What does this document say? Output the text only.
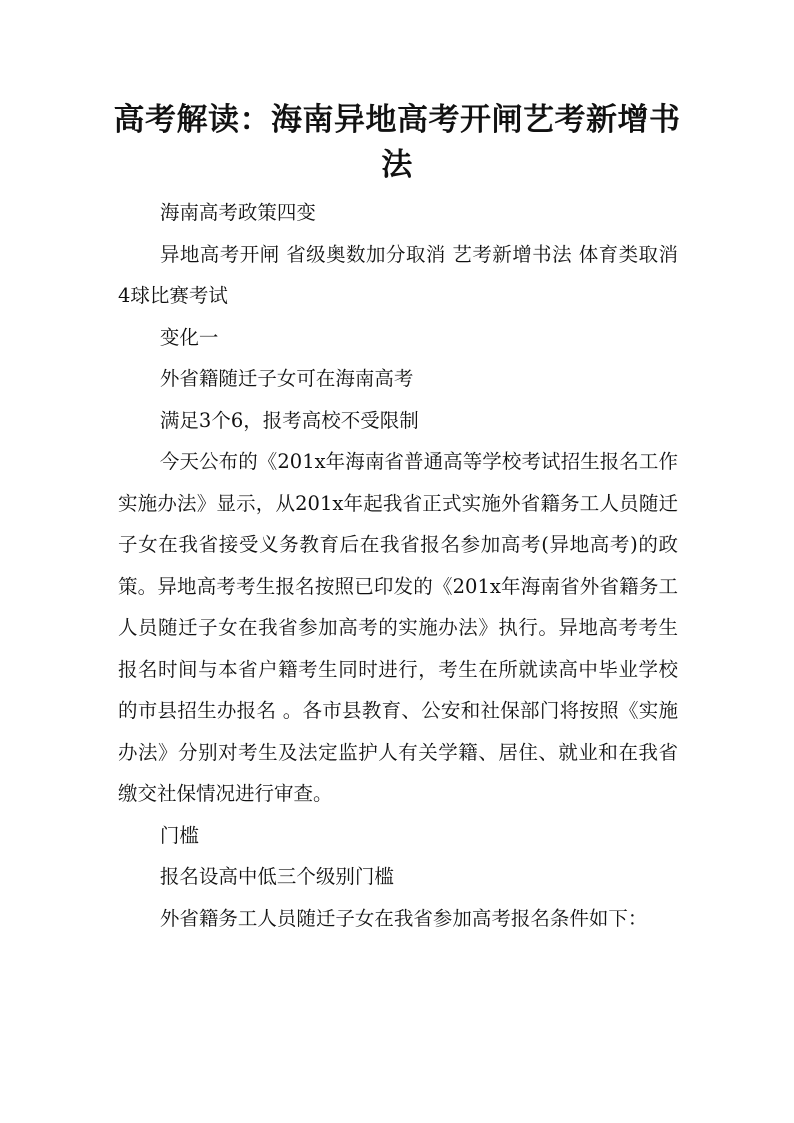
高考解读：海南异地高考开闸艺考新增书法

海南高考政策四变

异地高考开闸 省级奥数加分取消 艺考新增书法 体育类取消4球比赛考试

变化一

外省籍随迁子女可在海南高考

满足3个6，报考高校不受限制

今天公布的《201x年海南省普通高等学校考试招生报名工作实施办法》显示，从201x年起我省正式实施外省籍务工人员随迁子女在我省接受义务教育后在我省报名参加高考(异地高考)的政策。异地高考考生报名按照已印发的《201x年海南省外省籍务工人员随迁子女在我省参加高考的实施办法》执行。异地高考考生报名时间与本省户籍考生同时进行，考生在所就读高中毕业学校的市县招生办报名 。各市县教育、公安和社保部门将按照《实施办法》分别对考生及法定监护人有关学籍、居住、就业和在我省缴交社保情况进行审查。

门槛

报名设高中低三个级别门槛

外省籍务工人员随迁子女在我省参加高考报名条件如下：
